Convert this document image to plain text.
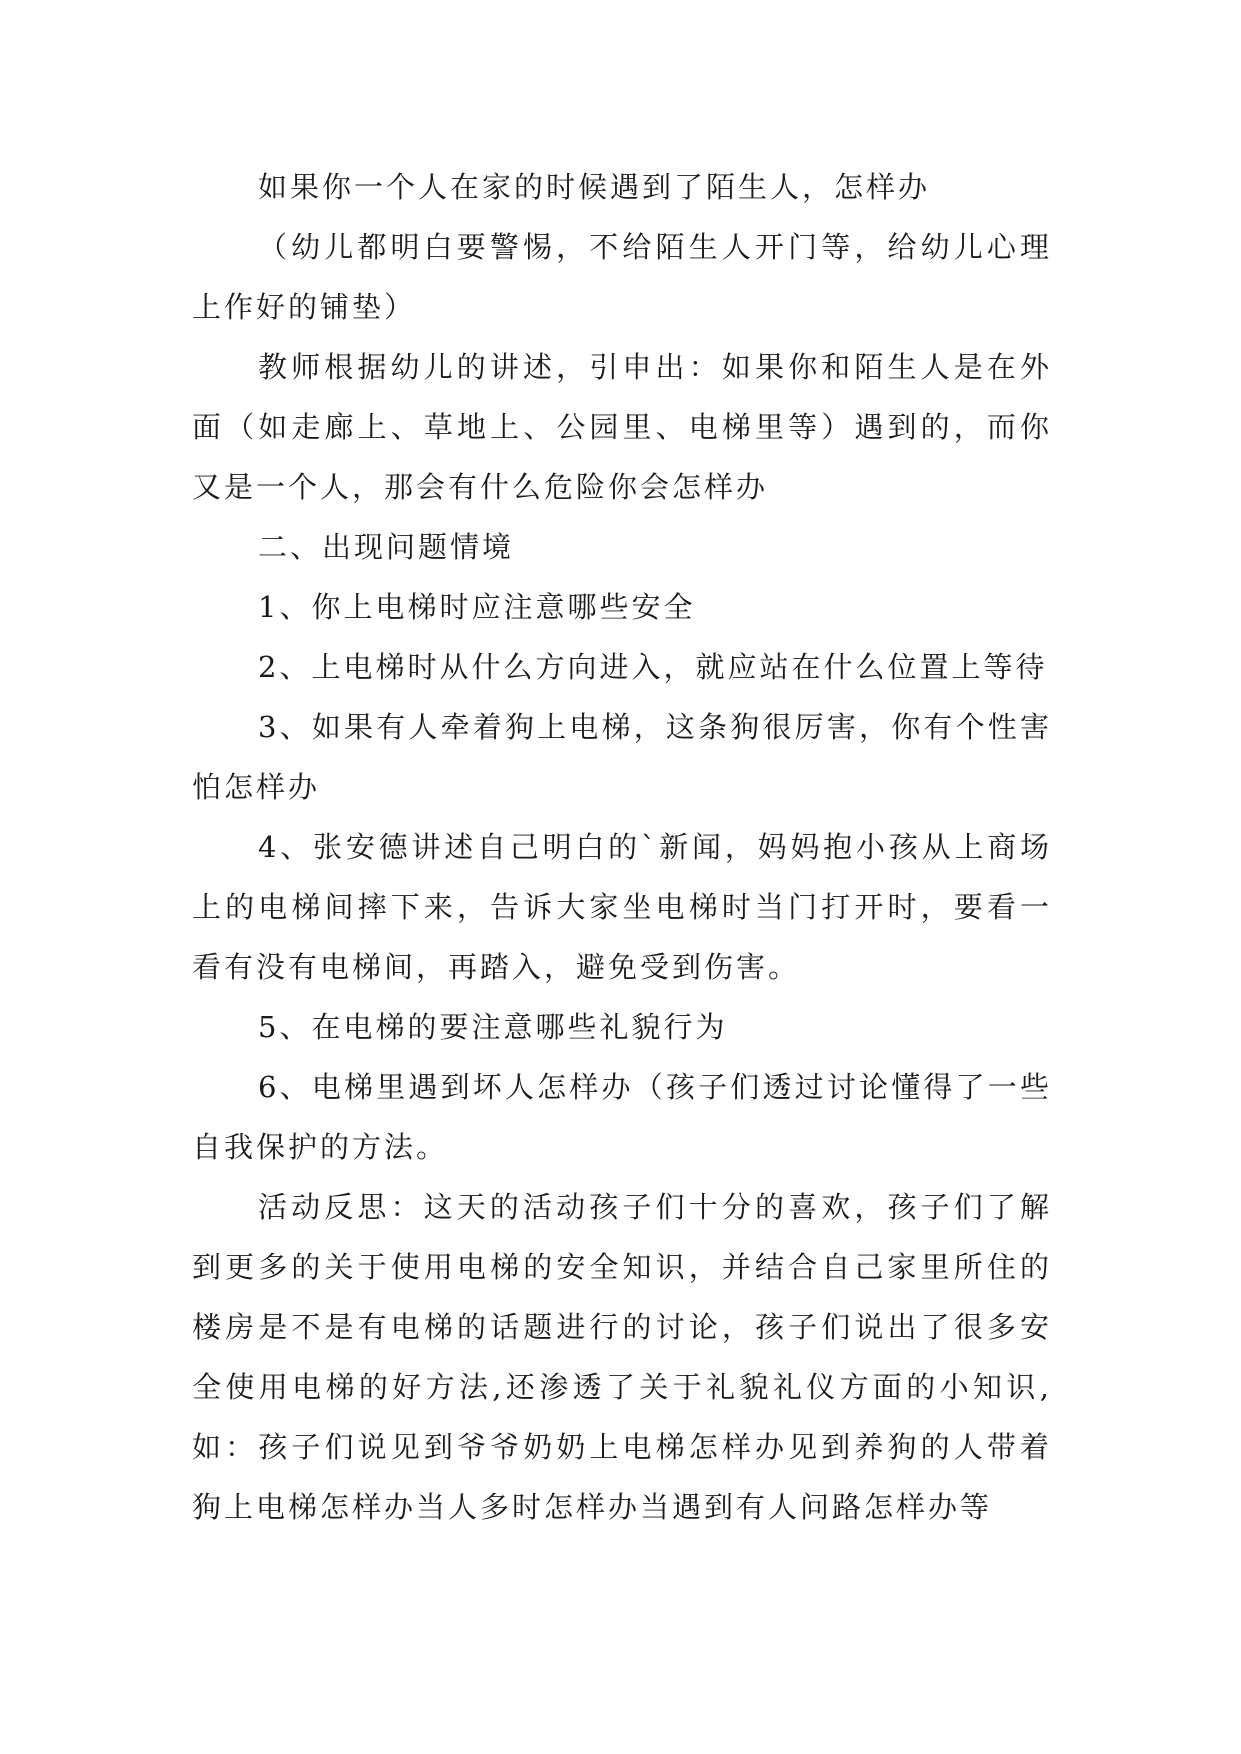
如果你一个人在家的时候遇到了陌生人，怎样办

（幼儿都明白要警惕，不给陌生人开门等，给幼儿心理上作好的铺垫）

教师根据幼儿的讲述，引申出：如果你和陌生人是在外面（如走廊上、草地上、公园里、电梯里等）遇到的，而你又是一个人，那会有什么危险你会怎样办

二、出现问题情境

1、你上电梯时应注意哪些安全

2、上电梯时从什么方向进入，就应站在什么位置上等待

3、如果有人牵着狗上电梯，这条狗很厉害，你有个性害怕怎样办

4、张安德讲述自己明白的`新闻，妈妈抱小孩从上商场上的电梯间摔下来，告诉大家坐电梯时当门打开时，要看一看有没有电梯间，再踏入，避免受到伤害。

5、在电梯的要注意哪些礼貌行为

6、电梯里遇到坏人怎样办（孩子们透过讨论懂得了一些自我保护的方法。

活动反思：这天的活动孩子们十分的喜欢，孩子们了解到更多的关于使用电梯的安全知识，并结合自己家里所住的楼房是不是有电梯的话题进行的讨论，孩子们说出了很多安全使用电梯的好方法,还渗透了关于礼貌礼仪方面的小知识,如：孩子们说见到爷爷奶奶上电梯怎样办见到养狗的人带着狗上电梯怎样办当人多时怎样办当遇到有人问路怎样办等
